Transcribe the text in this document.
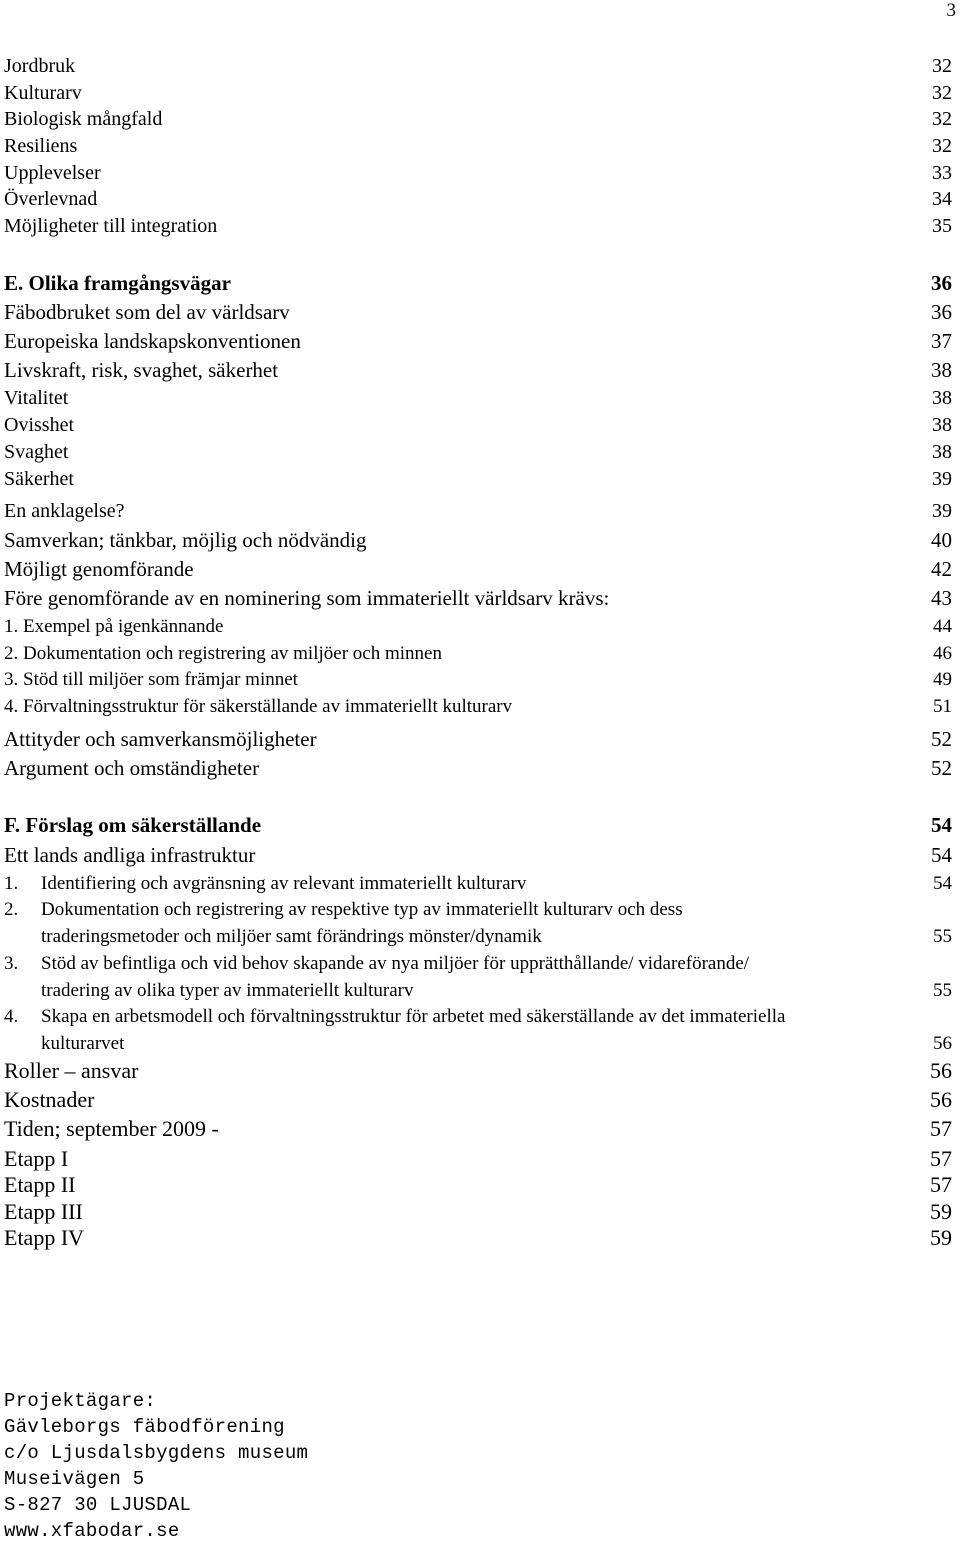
3
Jordbruk	32
Kulturarv	32
Biologisk mångfald	32
Resiliens	32
Upplevelser	33
Överlevnad	34
Möjligheter till integration	35
E. Olika framgångsvägar	36
Fäbodbruket som del av världsarv	36
Europeiska landskapskonventionen	37
Livskraft, risk, svaghet, säkerhet	38
Vitalitet	38
Ovisshet	38
Svaghet	38
Säkerhet	39
En anklagelse?	39
Samverkan; tänkbar, möjlig och nödvändig	40
Möjligt genomförande	42
Före genomförande av en nominering som immateriellt världsarv krävs:	43
1. Exempel på igenkännande	44
2. Dokumentation och registrering av miljöer och minnen	46
3. Stöd till miljöer som främjar minnet	49
4. Förvaltningsstruktur för säkerställande av immateriellt kulturarv	51
Attityder och samverkansmöjligheter	52
Argument och omständigheter	52
F. Förslag om säkerställande	54
Ett lands andliga infrastruktur	54
1. Identifiering och avgränsning av relevant immateriellt kulturarv	54
2. Dokumentation och registrering av respektive typ av immateriellt kulturarv och dess
traderingsmetoder och miljöer samt förändrings mönster/dynamik	55
3. Stöd av befintliga och vid behov skapande av nya miljöer för upprätthållande/ vidareförande/
tradering av olika typer av immateriellt kulturarv	55
4. Skapa en arbetsmodell och förvaltningsstruktur för arbetet med säkerställande av det immateriella
kulturarvet	56
Roller – ansvar	56
Kostnader	56
Tiden; september 2009 -	57
Etapp I	57
Etapp II	57
Etapp III	59
Etapp IV	59
Projektägare:
Gävleborgs fäbodförening
c/o Ljusdalsbygdens museum
Museivägen 5
S-827 30 LJUSDAL
www.xfabodar.se
